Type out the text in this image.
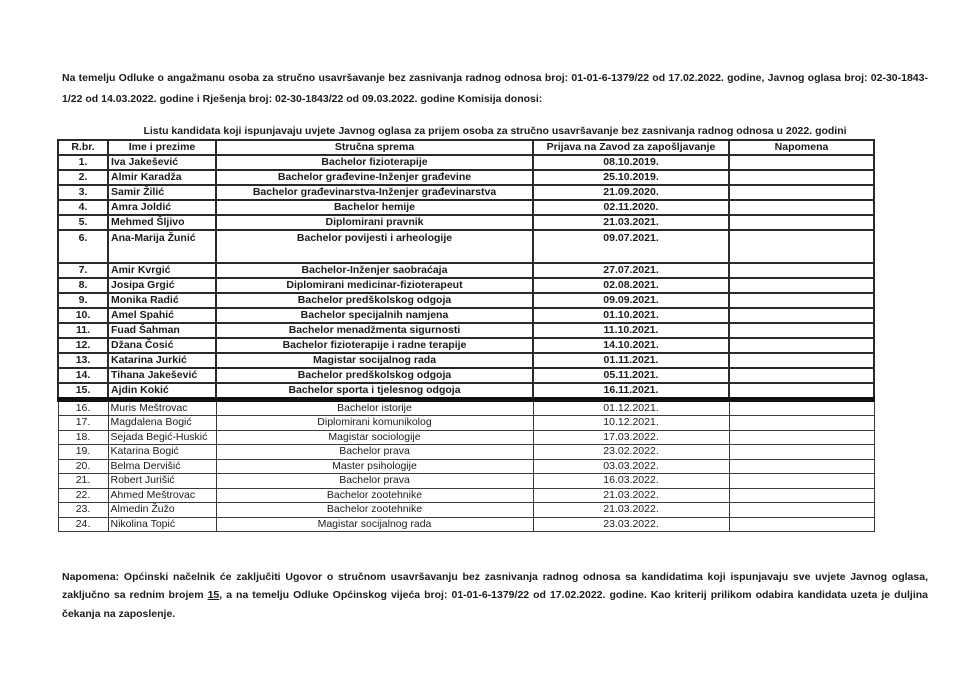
Na temelju Odluke o angažmanu osoba za stručno usavršavanje bez zasnivanja radnog odnosa broj: 01-01-6-1379/22 od 17.02.2022. godine, Javnog oglasa broj: 02-30-1843-1/22 od 14.03.2022. godine i Rješenja broj: 02-30-1843/22 od 09.03.2022. godine Komisija donosi:

Listu kandidata koji ispunjavaju uvjete Javnog oglasa za prijem osoba za stručno usavršavanje bez zasnivanja radnog odnosa u 2022. godini

R.br.	Ime i prezime	Stručna sprema	Prijava na Zavod za zapošljavanje	Napomena
1.	Iva Jakešević	Bachelor fizioterapije	08.10.2019.	
2.	Almir Karadža	Bachelor građevine-Inženjer građevine	25.10.2019.	
3.	Samir Žilić	Bachelor građevinarstva-Inženjer građevinarstva	21.09.2020.	
4.	Amra Joldić	Bachelor hemije	02.11.2020.	
5.	Mehmed Šljivo	Diplomirani pravnik	21.03.2021.	
6.	Ana-Marija Žunić	Bachelor povijesti i arheologije	09.07.2021.	
7.	Amir Kvrgić	Bachelor-Inženjer saobraćaja	27.07.2021.	
8.	Josipa Grgić	Diplomirani medicinar-fizioterapeut	02.08.2021.	
9.	Monika Radić	Bachelor predškolskog odgoja	09.09.2021.	
10.	Amel Spahić	Bachelor specijalnih namjena	01.10.2021.	
11.	Fuad Šahman	Bachelor menadžmenta sigurnosti	11.10.2021.	
12.	Džana Čosić	Bachelor fizioterapije i radne terapije	14.10.2021.	
13.	Katarina Jurkić	Magistar socijalnog rada	01.11.2021.	
14.	Tihana Jakešević	Bachelor predškolskog odgoja	05.11.2021.	
15.	Ajdin Kokić	Bachelor sporta i tjelesnog odgoja	16.11.2021.	
16.	Muris Meštrovac	Bachelor istorije	01.12.2021.	
17.	Magdalena Bogić	Diplomirani komunikolog	10.12.2021.	
18.	Sejada Begić-Huskić	Magistar sociologije	17.03.2022.	
19.	Katarina Bogić	Bachelor prava	23.02.2022.	
20.	Belma Dervišić	Master psihologije	03.03.2022.	
21.	Robert Jurišić	Bachelor prava	16.03.2022.	
22.	Ahmed Meštrovac	Bachelor zootehnike	21.03.2022.	
23.	Almedin Žužo	Bachelor zootehnike	21.03.2022.	
24.	Nikolina Topić	Magistar socijalnog rada	23.03.2022.	

Napomena: Općinski načelnik će zaključiti Ugovor o stručnom usavršavanju bez zasnivanja radnog odnosa sa kandidatima koji ispunjavaju sve uvjete Javnog oglasa, zaključno sa rednim brojem 15, a na temelju Odluke Općinskog vijeća broj: 01-01-6-1379/22 od 17.02.2022. godine. Kao kriterij prilikom odabira kandidata uzeta je duljina čekanja na zaposlenje.
